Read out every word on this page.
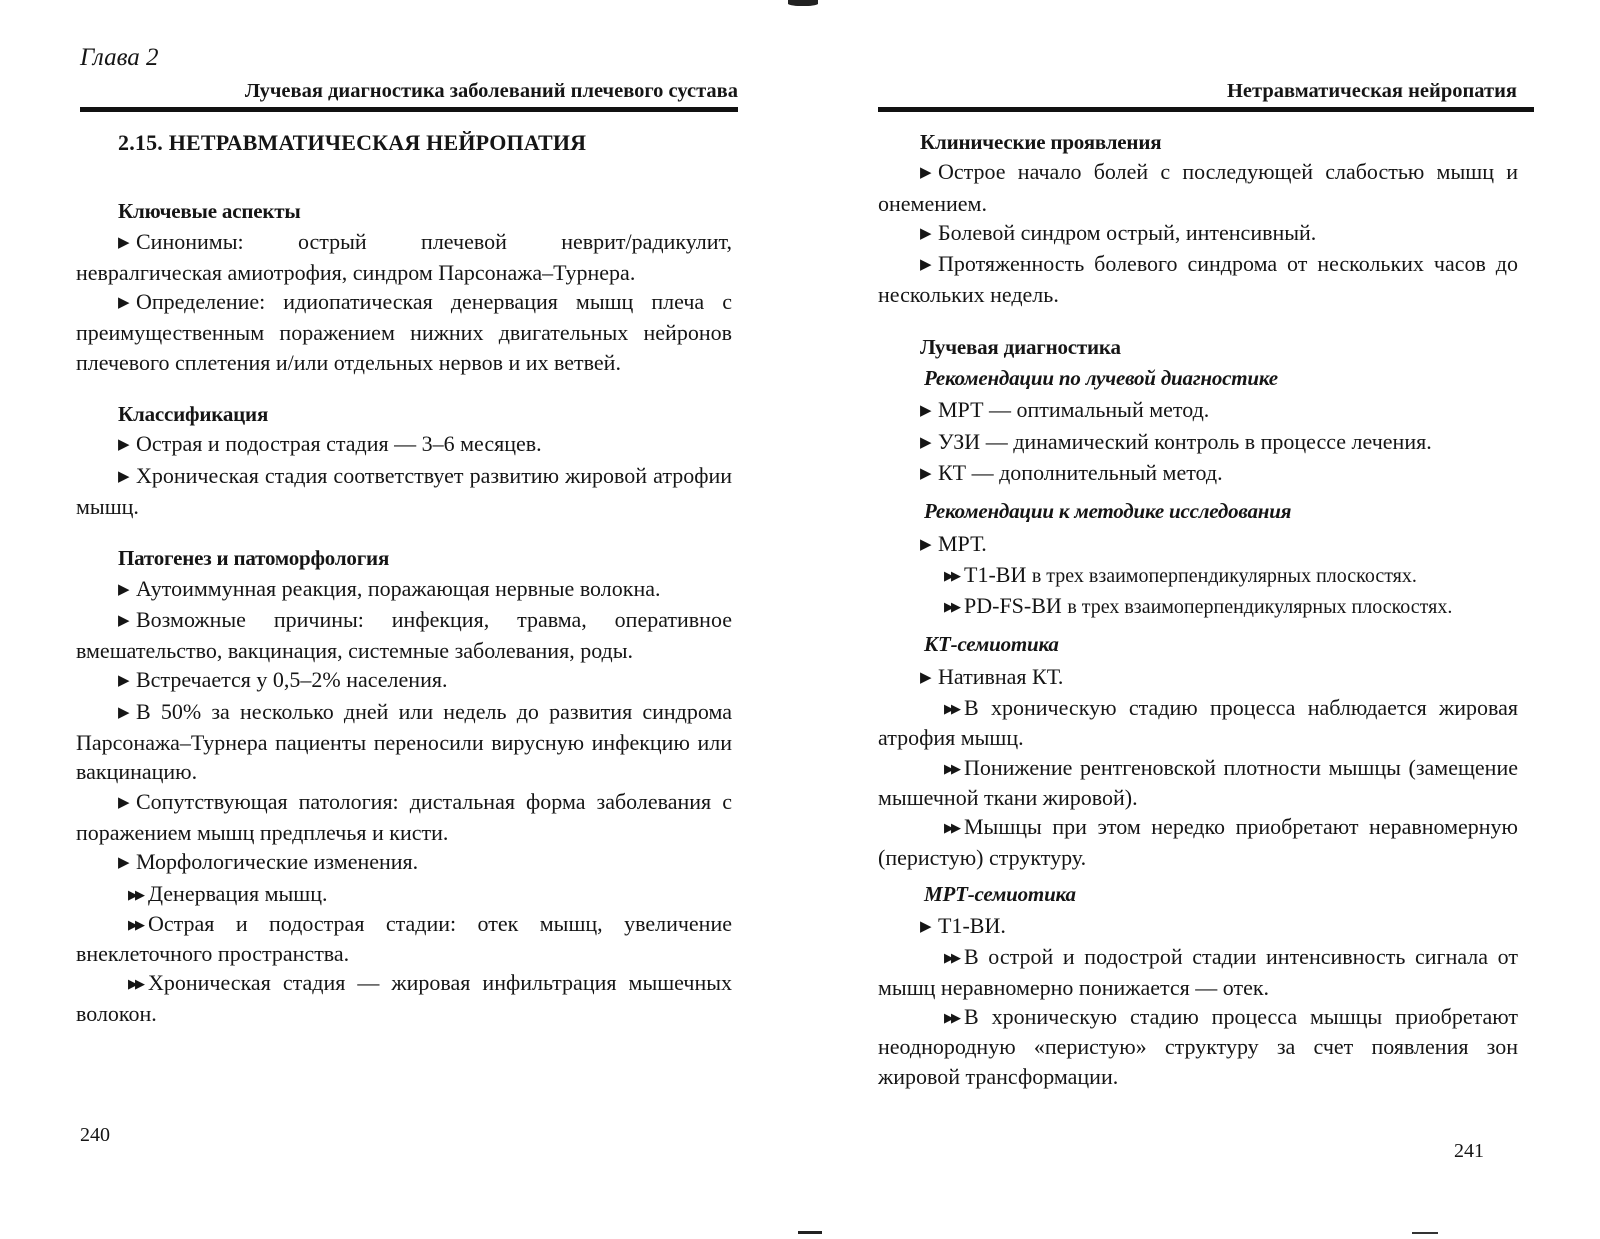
Глава 2
Лучевая диагностика заболеваний плечевого сустава
2.15. НЕТРАВМАТИЧЕСКАЯ НЕЙРОПАТИЯ
Ключевые аспекты

▶ Синонимы: острый плечевой неврит/радикулит, невралгическая амиотрофия, синдром Парсонажа–Турнера.

▶ Определение: идиопатическая денервация мышц плеча с преимущественным поражением нижних двигательных нейронов плечевого сплетения и/или отдельных нервов и их ветвей.

Классификация

▶ Острая и подострая стадия — 3–6 месяцев.

▶ Хроническая стадия соответствует развитию жировой атрофии мышц.

Патогенез и патоморфология

▶ Аутоиммунная реакция, поражающая нервные волокна.

▶ Возможные причины: инфекция, травма, оперативное вмешательство, вакцинация, системные заболевания, роды.

▶ Встречается у 0,5–2% населения.

▶ В 50% за несколько дней или недель до развития синдрома Парсонажа–Турнера пациенты переносили вирусную инфекцию или вакцинацию.

▶ Сопутствующая патология: дистальная форма заболевания с поражением мышц предплечья и кисти.

▶ Морфологические изменения.

▶▶ Денервация мышц.

▶▶ Острая и подострая стадии: отек мышц, увеличение внеклеточного пространства.

▶▶ Хроническая стадия — жировая инфильтрация мышечных волокон.

240
Нетравматическая нейропатия
Клинические проявления

▶ Острое начало болей с последующей слабостью мышц и онемением.

▶ Болевой синдром острый, интенсивный.

▶ Протяженность болевого синдрома от нескольких часов до нескольких недель.

Лучевая диагностика
Рекомендации по лучевой диагностике

▶ МРТ — оптимальный метод.

▶ УЗИ — динамический контроль в процессе лечения.

▶ КТ — дополнительный метод.

Рекомендации к методике исследования

▶ МРТ.

▶▶ T1-ВИ в трех взаимоперпендикулярных плоскостях.

▶▶ PD-FS-ВИ в трех взаимоперпендикулярных плоскостях.

КТ-семиотика

▶ Нативная КТ.

▶▶ В хроническую стадию процесса наблюдается жировая атрофия мышц.

▶▶ Понижение рентгеновской плотности мышцы (замещение мышечной ткани жировой).

▶▶ Мышцы при этом нередко приобретают неравномерную (перистую) структуру.

МРТ-семиотика

▶ T1-ВИ.

▶▶ В острой и подострой стадии интенсивность сигнала от мышц неравномерно понижается — отек.

▶▶ В хроническую стадию процесса мышцы приобретают неоднородную «перистую» структуру за счет появления зон жировой трансформации.

241
